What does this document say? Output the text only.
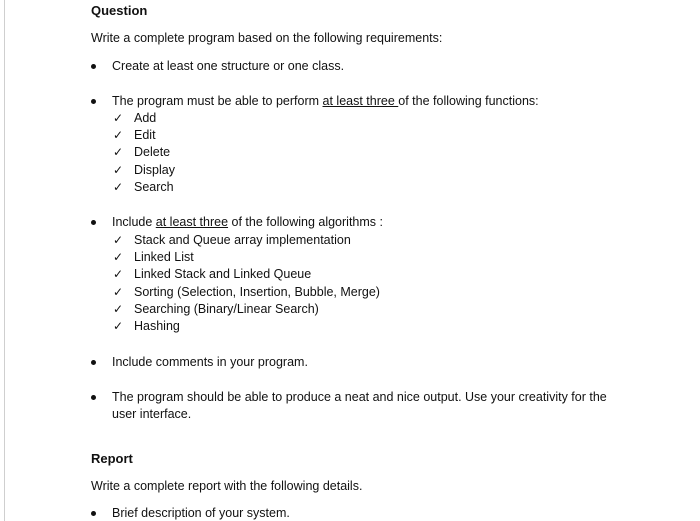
Question
Write a complete program based on the following requirements:
Create at least one structure or one class.
The program must be able to perform at least three of the following functions:
✓ Add
✓ Edit
✓ Delete
✓ Display
✓ Search
Include at least three of the following algorithms :
✓ Stack and Queue array implementation
✓ Linked List
✓ Linked Stack and Linked Queue
✓ Sorting (Selection, Insertion, Bubble, Merge)
✓ Searching (Binary/Linear Search)
✓ Hashing
Include comments in your program.
The program should be able to produce a neat and nice output. Use your creativity for the user interface.
Report
Write a complete report with the following details.
Brief description of your system.
